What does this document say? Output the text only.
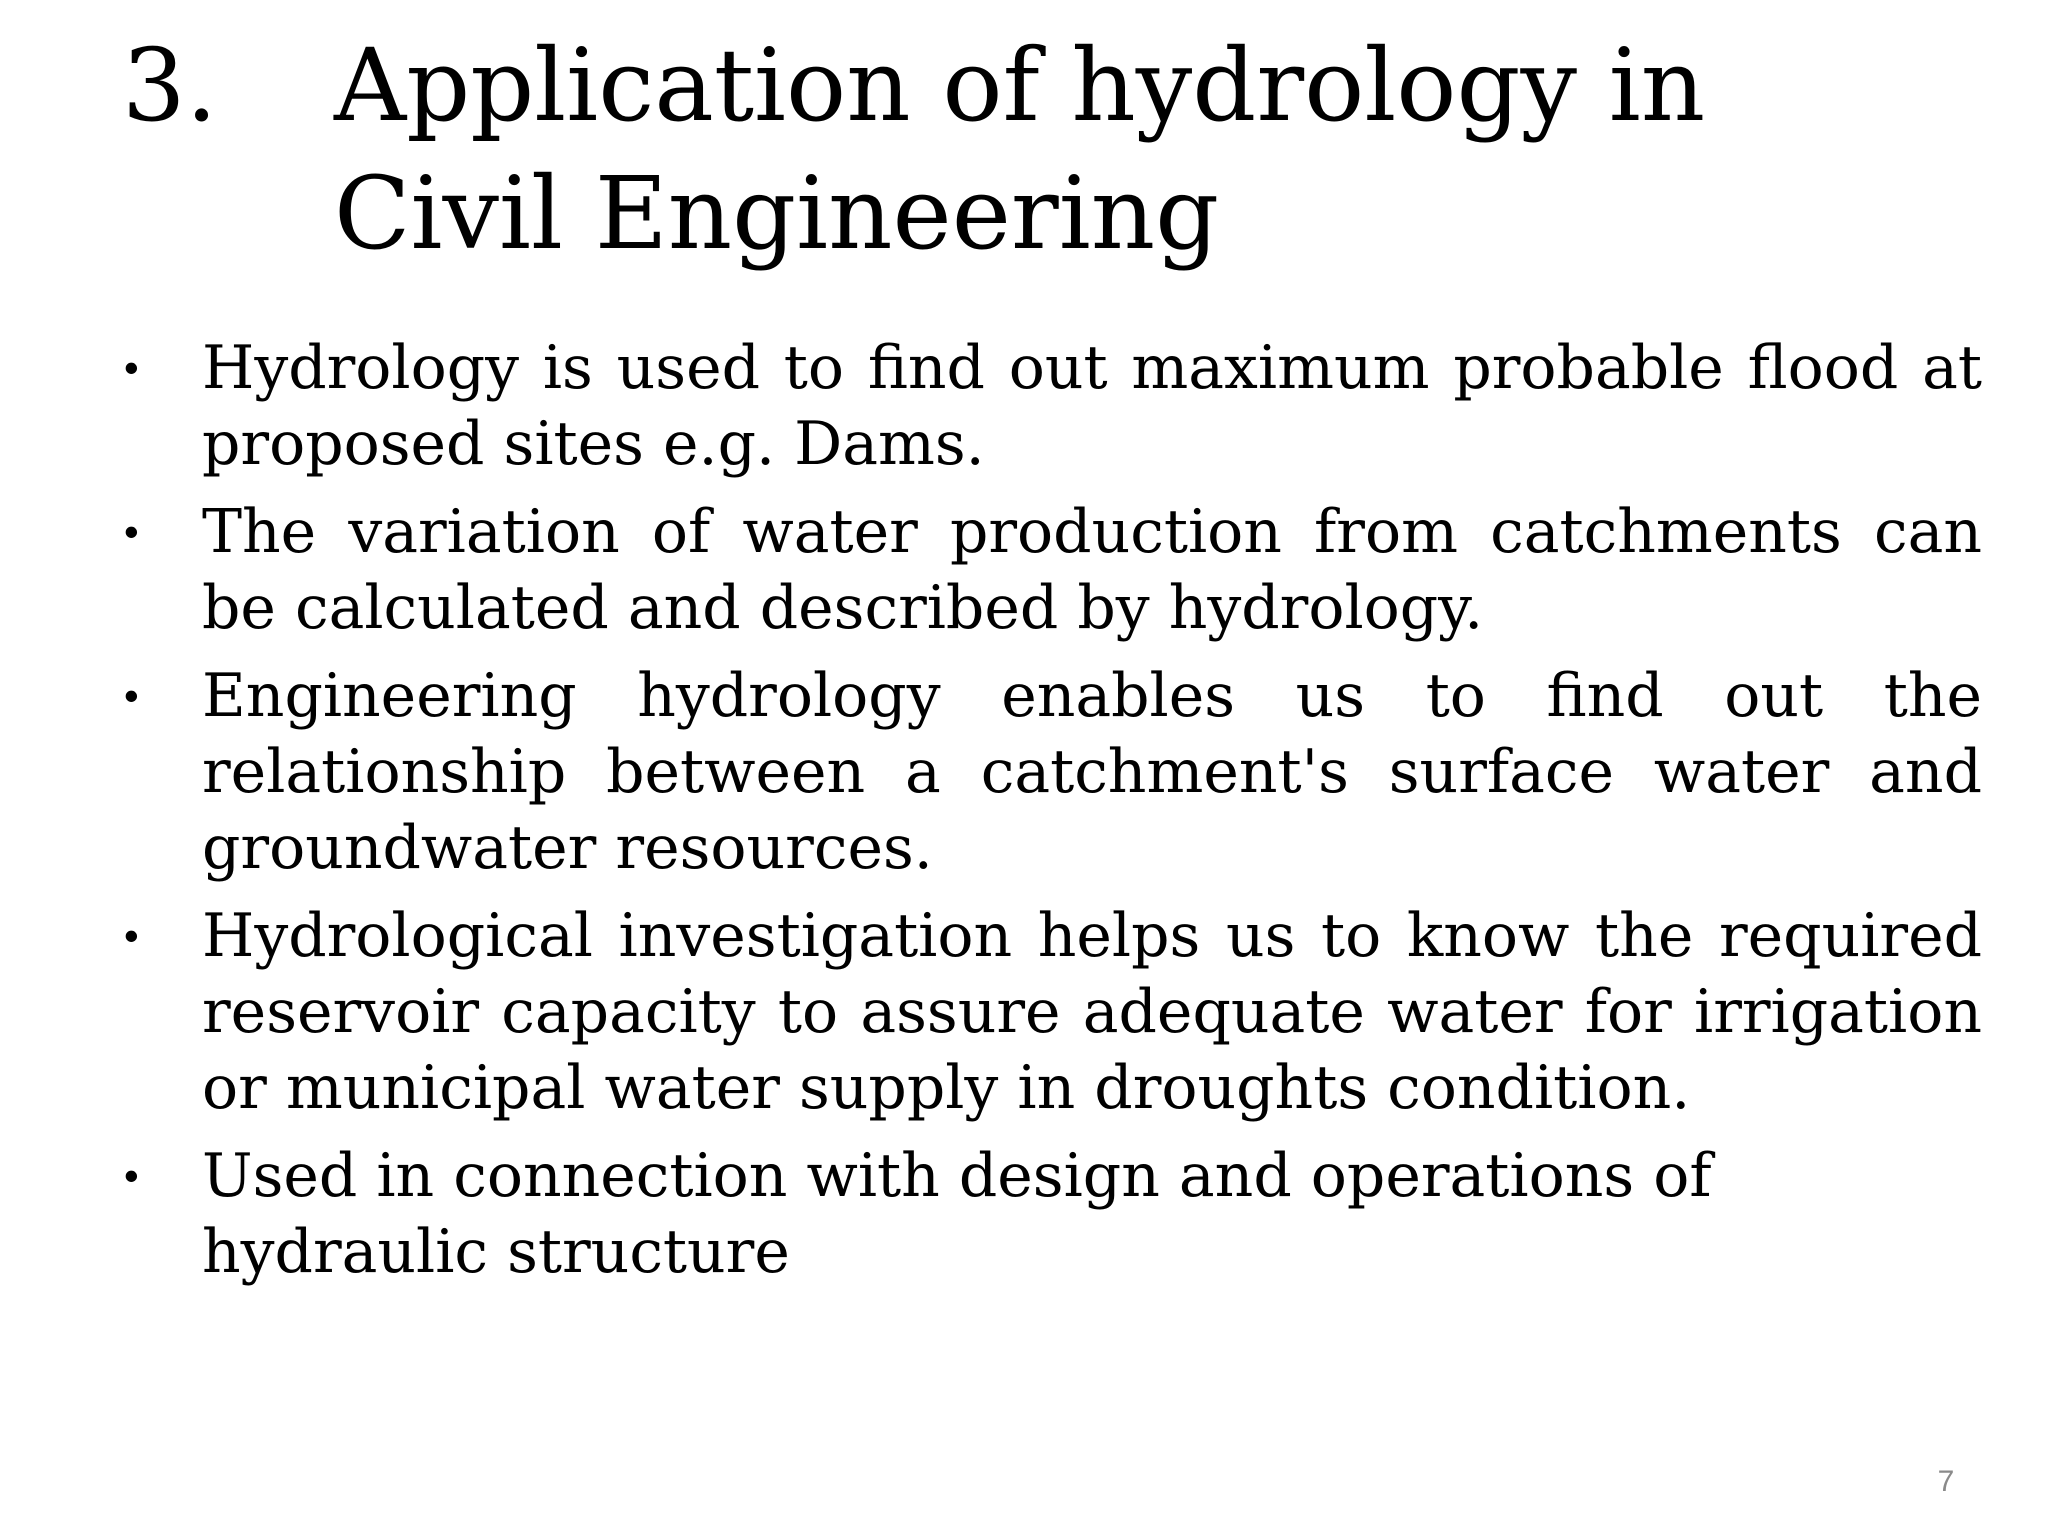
3. Application of hydrology in Civil Engineering
• Hydrology is used to find out maximum probable flood at proposed sites e.g. Dams.
• The variation of water production from catchments can be calculated and described by hydrology.
• Engineering hydrology enables us to find out the relationship between a catchment's surface water and groundwater resources.
• Hydrological investigation helps us to know the required reservoir capacity to assure adequate water for irrigation or municipal water supply in droughts condition.
• Used in connection with design and operations of hydraulic structure
7
